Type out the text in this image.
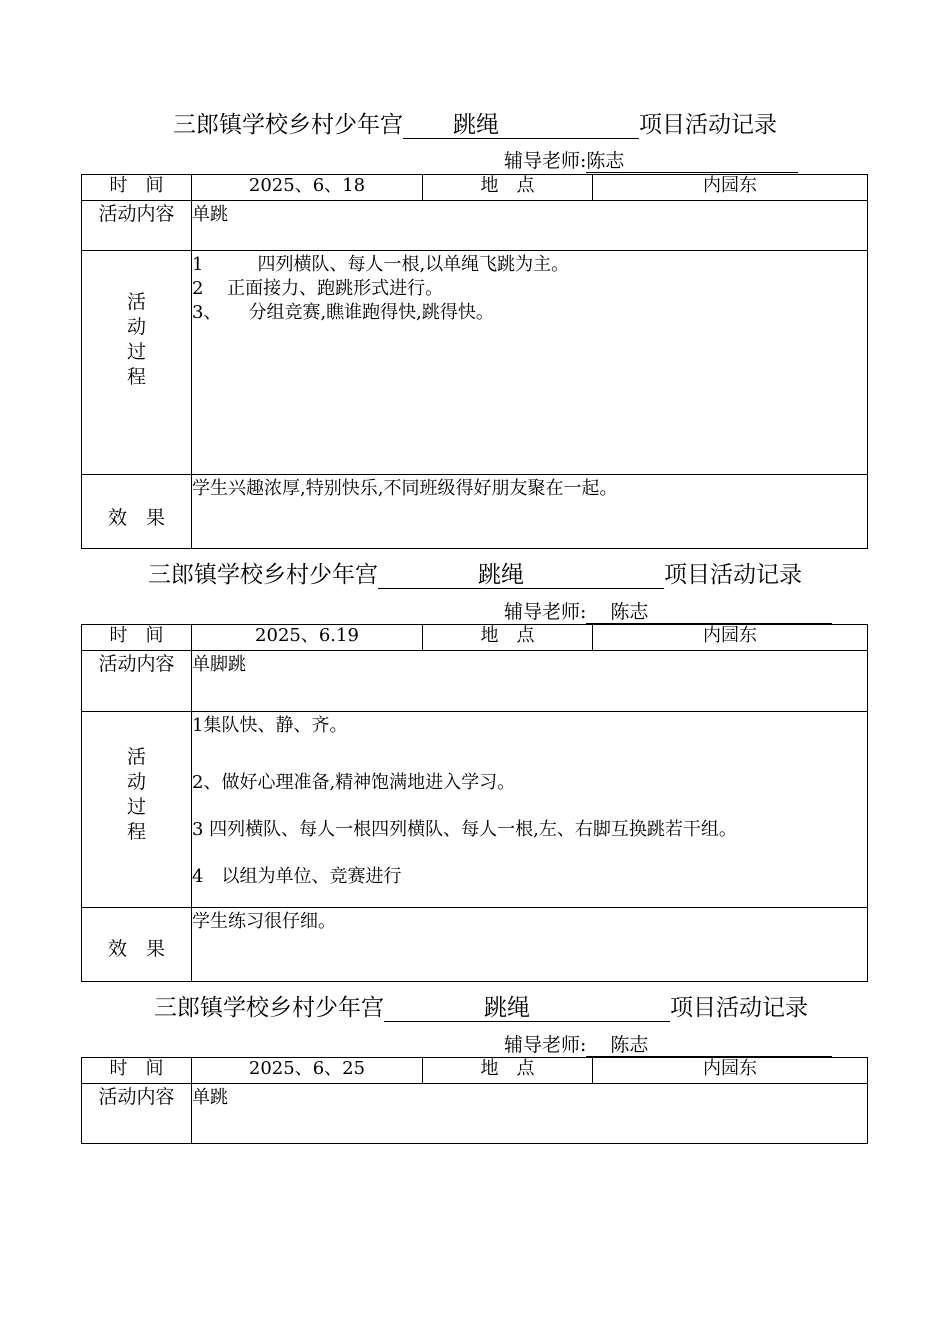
三郎镇学校乡村少年宫 跳绳	项目活动记录
辅导老师:陈志
时　间	2025、6、18	地　点	内园东
活动内容	单跳		

活
动
过
程	1　　　四列横队、每人一根,以单绳飞跳为主。
2　 正面接力、跑跳形式进行。
3、　　分组竞赛,瞧谁跑得快,跳得快。		

效　果	学生兴趣浓厚,特别快乐,不同班级得好朋友聚在一起。		
三郎镇学校乡村少年宫	跳绳	项目活动记录
辅导老师: 陈志
时　间	2025、6.19	地　点	内园东
活动内容	单脚跳		

活
动
过
程	1集队快、静、齐。
2、做好心理准备,精神饱满地进入学习。
3 四列横队、每人一根四列横队、每人一根,左、右脚互换跳若干组。
4　以组为单位、竞赛进行		

效　果	学生练习很仔细。		
三郎镇学校乡村少年宫	跳绳	项目活动记录
辅导老师: 陈志
时　间	2025、6、25	地　点	内园东
活动内容	单跳		
